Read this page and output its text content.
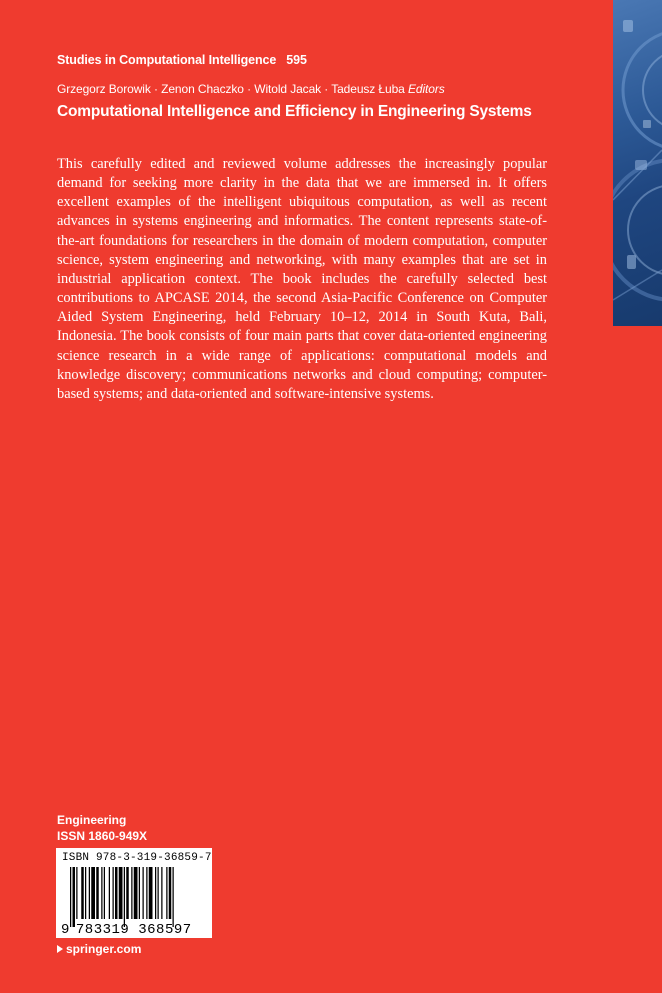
Studies in Computational Intelligence 595
Grzegorz Borowik · Zenon Chaczko · Witold Jacak · Tadeusz Łuba Editors
Computational Intelligence and Efficiency in Engineering Systems

This carefully edited and reviewed volume addresses the increasingly popular demand for seeking more clarity in the data that we are immersed in. It offers excellent examples of the intelligent ubiquitous computation, as well as recent advances in systems engineering and informatics. The content represents state-of-the-art foundations for researchers in the domain of modern computation, computer science, system engineering and networking, with many examples that are set in industrial application context. The book includes the carefully selected best contributions to APCASE 2014, the second Asia-Pacific Conference on Computer Aided System Engineering, held February 10–12, 2014 in South Kuta, Bali, Indonesia. The book consists of four main parts that cover data-oriented engineering science research in a wide range of applications: computational models and knowledge discovery; communications networks and cloud computing; computer-based systems; and data-oriented and software-intensive systems.

Engineering
ISSN 1860-949X
ISBN 978-3-319-36859-7
9 783319 368597
springer.com
